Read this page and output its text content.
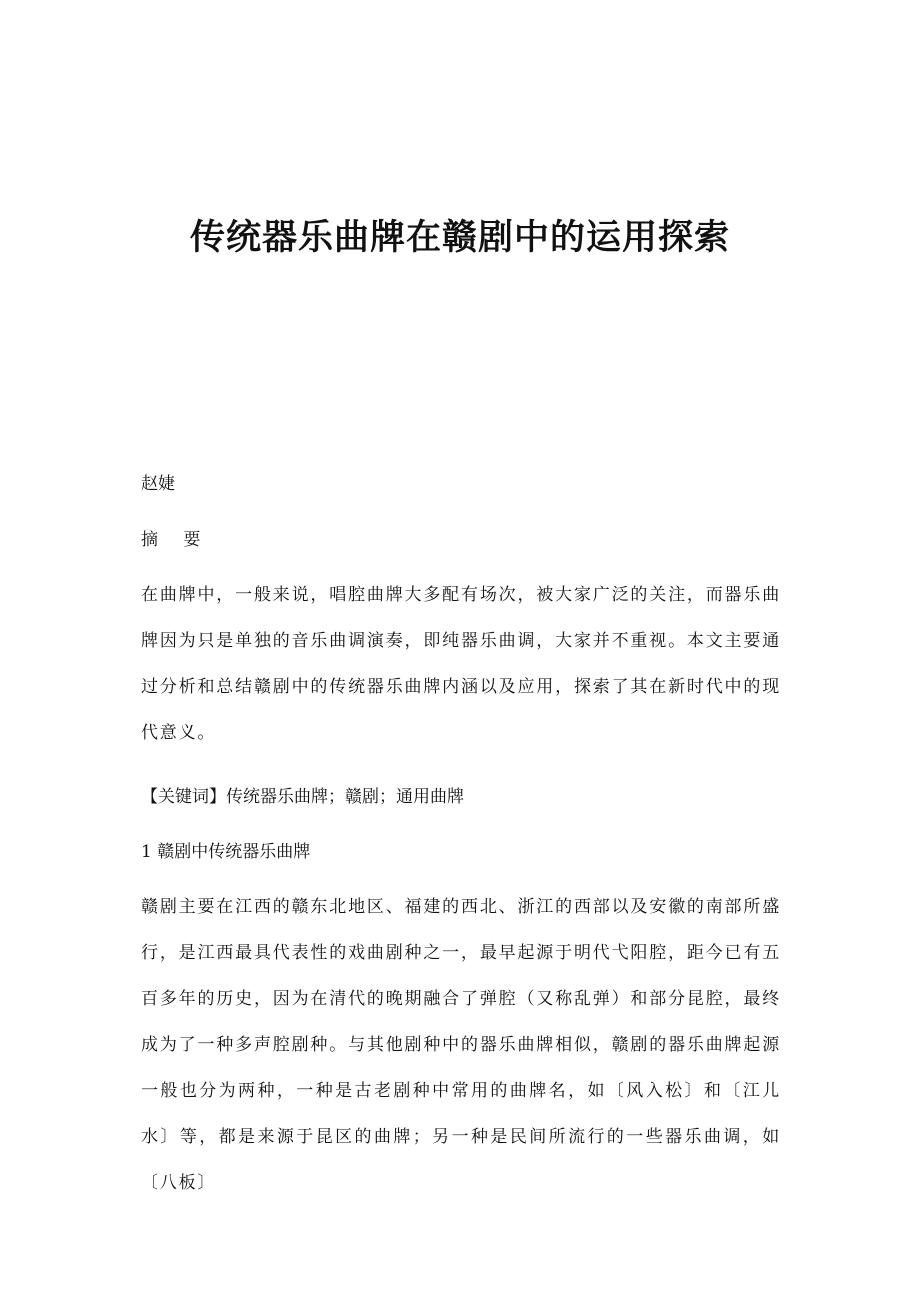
传统器乐曲牌在赣剧中的运用探索

赵婕

摘 要

在曲牌中，一般来说，唱腔曲牌大多配有场次，被大家广泛的关注，而器乐曲牌因为只是单独的音乐曲调演奏，即纯器乐曲调，大家并不重视。本文主要通过分析和总结赣剧中的传统器乐曲牌内涵以及应用，探索了其在新时代中的现代意义。

【关键词】传统器乐曲牌；赣剧；通用曲牌

1 赣剧中传统器乐曲牌

赣剧主要在江西的赣东北地区、福建的西北、浙江的西部以及安徽的南部所盛行，是江西最具代表性的戏曲剧种之一，最早起源于明代弋阳腔，距今已有五百多年的历史，因为在清代的晚期融合了弹腔（又称乱弹）和部分昆腔，最终成为了一种多声腔剧种。与其他剧种中的器乐曲牌相似，赣剧的器乐曲牌起源一般也分为两种，一种是古老剧种中常用的曲牌名，如〔风入松〕和〔江儿水〕等，都是来源于昆区的曲牌；另一种是民间所流行的一些器乐曲调，如〔八板〕
